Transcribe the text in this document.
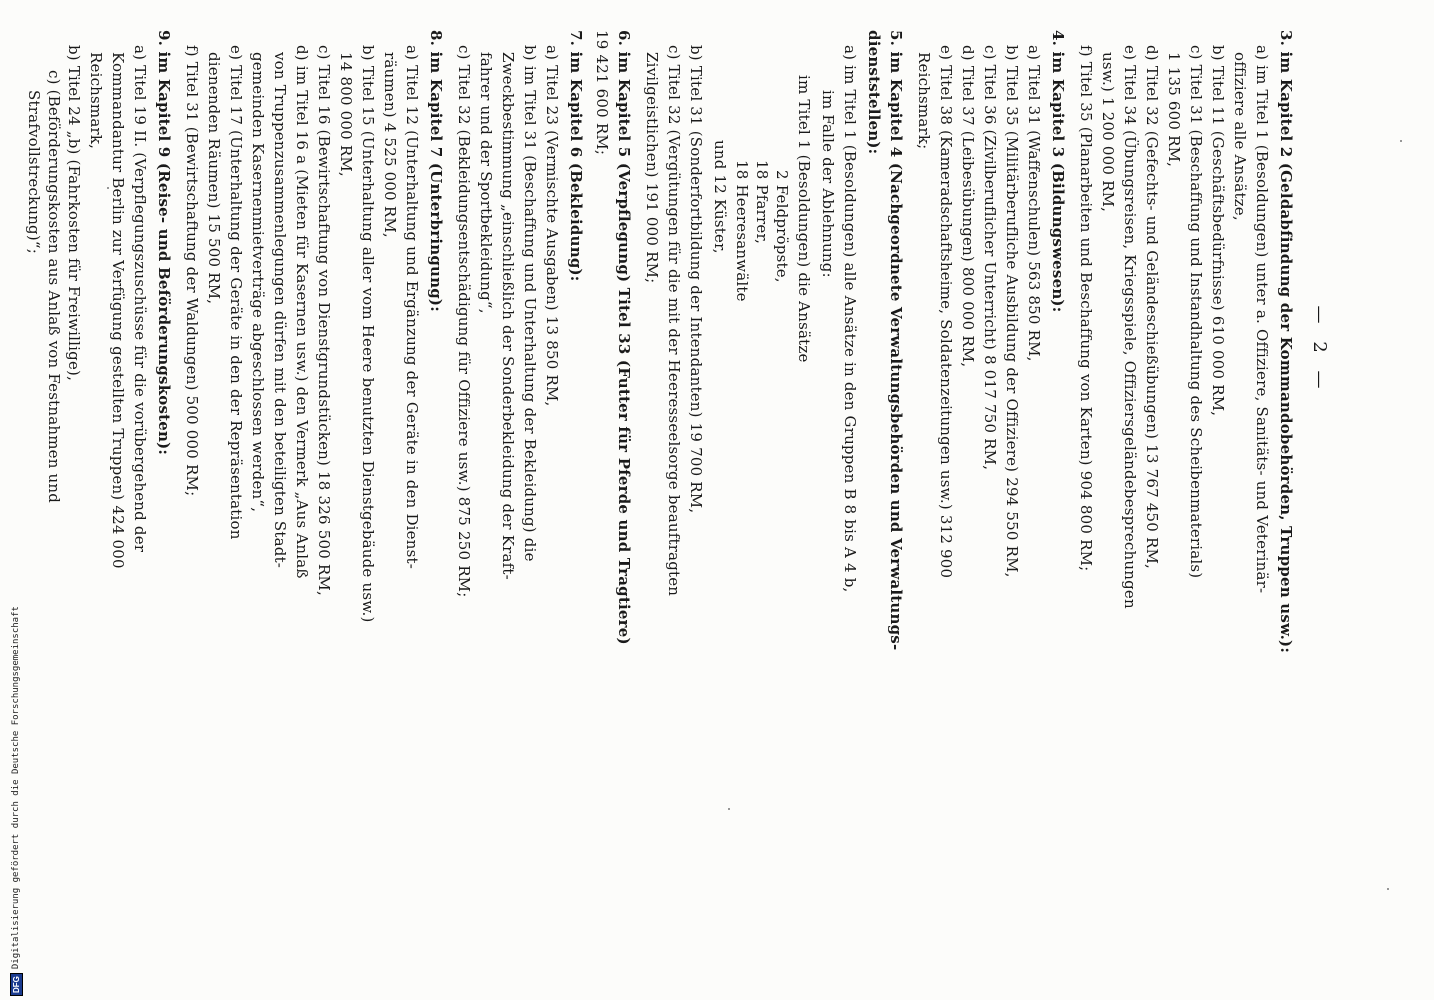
— 2 —
3. im Kapitel 2 (Geldabfindung der Kommandobehörden, Truppen usw.):
a) im Titel 1 (Besoldungen) unter a. Offiziere, Sanitäts- und Veterinär-
offiziere alle Ansätze,
b) Titel 11 (Geschäftsbedürfnisse) 610 000 RM,
c) Titel 31 (Beschaffung und Instandhaltung des Scheibenmaterials)
1 135 600 RM,
d) Titel 32 (Gefechts- und Geländeschießübungen) 13 767 450 RM,
e) Titel 34 (Übungsreisen, Kriegsspiele, Offiziersgeländebesprechungen
usw.) 1 200 000 RM,
f) Titel 35 (Planarbeiten und Beschaffung von Karten) 904 800 RM;
4. im Kapitel 3 (Bildungswesen):
a) Titel 31 (Waffenschulen) 563 850 RM,
b) Titel 35 (Militärberufliche Ausbildung der Offiziere) 294 550 RM,
c) Titel 36 (Zivilberuflicher Unterricht) 8 017 750 RM,
d) Titel 37 (Leibesübungen) 800 000 RM,
e) Titel 38 (Kameradschaftsheime, Soldatenzeitungen usw.) 312 900
Reichsmark;
5. im Kapitel 4 (Nachgeordnete Verwaltungsbehörden und Verwaltungs-
dienststellen):
a) im Titel 1 (Besoldungen) alle Ansätze in den Gruppen B 8 bis A 4 b,
im Falle der Ablehnung:
im Titel 1 (Besoldungen) die Ansätze
2 Feldpröpste,
18 Pfarrer,
18 Heeresanwälte
und 12 Küster,
b) Titel 31 (Sonderfortbildung der Intendanten) 19 700 RM,
c) Titel 32 (Vergütungen für die mit der Heeresseelsorge beauftragten
Zivilgeistlichen) 191 000 RM;
6. im Kapitel 5 (Verpflegung) Titel 33 (Futter für Pferde und Tragtiere)
19 421 600 RM;
7. im Kapitel 6 (Bekleidung):
a) Titel 23 (Vermischte Ausgaben) 13 850 RM,
b) im Titel 31 (Beschaffung und Unterhaltung der Bekleidung) die
Zweckbestimmung „einschließlich der Sonderbekleidung der Kraft-
fahrer und der Sportbekleidung“,
c) Titel 32 (Bekleidungsentschädigung für Offiziere usw.) 875 250 RM;
8. im Kapitel 7 (Unterbringung):
a) Titel 12 (Unterhaltung und Ergänzung der Geräte in den Dienst-
räumen) 4 525 000 RM,
b) Titel 15 (Unterhaltung aller vom Heere benutzten Dienstgebäude usw.)
14 800 000 RM,
c) Titel 16 (Bewirtschaftung von Dienstgrundstücken) 18 326 500 RM,
d) im Titel 16 a (Mieten für Kasernen usw.) den Vermerk „Aus Anlaß
von Truppenzusammenlegungen dürfen mit den beteiligten Stadt-
gemeinden Kasernenmietverträge abgeschlossen werden“,
e) Titel 17 (Unterhaltung der Geräte in den der Repräsentation
dienenden Räumen) 15 500 RM,
f) Titel 31 (Bewirtschaftung der Waldungen) 500 000 RM;
9. im Kapitel 9 (Reise- und Beförderungskosten):
a) Titel 19 II. (Verpflegungszuschüsse für die vorübergehend der
Kommandantur Berlin zur Verfügung gestellten Truppen) 424 000
Reichsmark,
b) Titel 24 „b) (Fahrkosten für Freiwillige),
c) (Beförderungskosten aus Anlaß von Festnahmen und
Strafvollstreckung)“;
DFG
Digitalisierung gefördert durch die Deutsche Forschungsgemeinschaft
